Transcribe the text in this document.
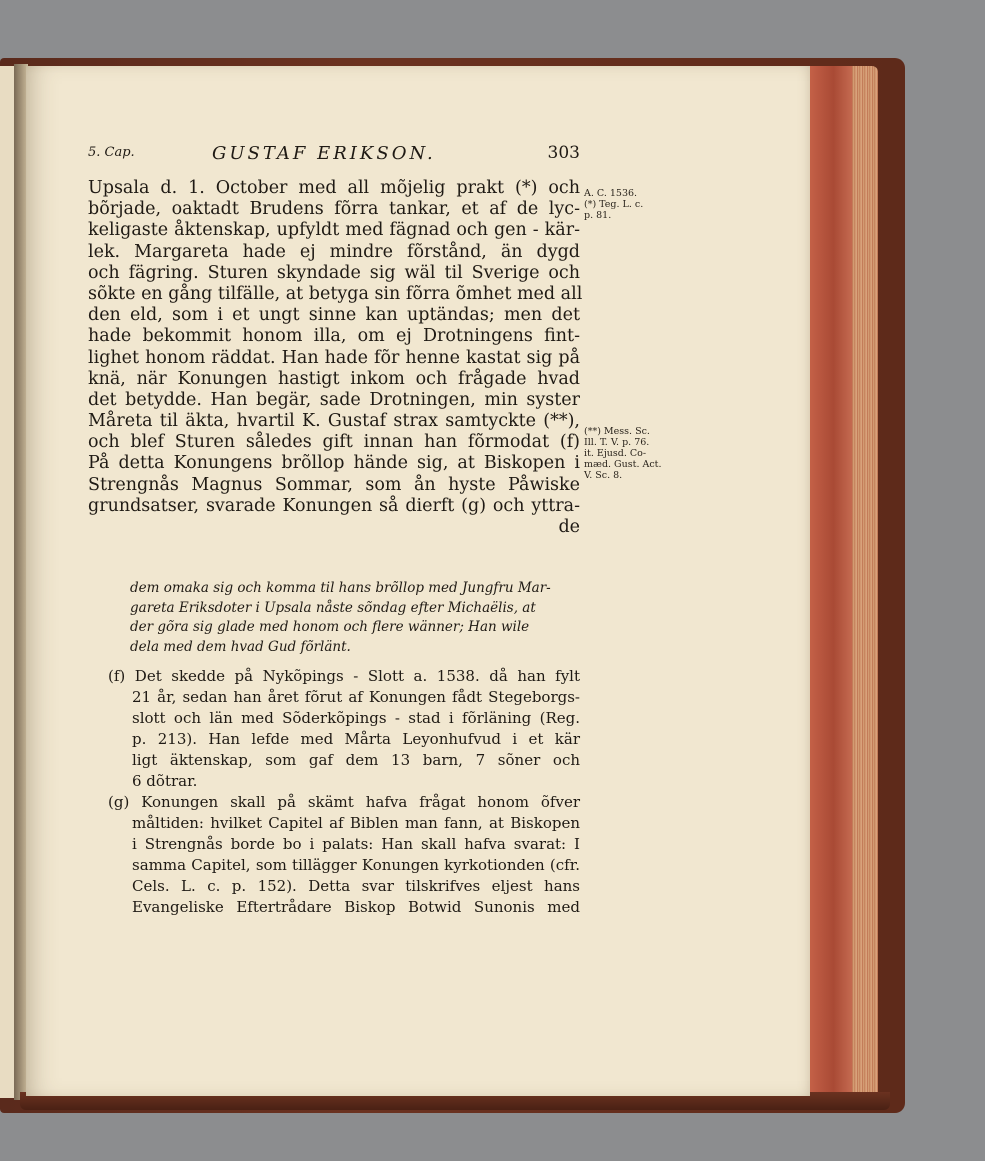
5. Cap.	GUSTAF ERIKSON.	303
Upsala d. 1. October med all mõjelig prakt (*) och
bõrjade, oaktadt Brudens fõrra tankar, et af de lyc-
keligaste åktenskap, upfyldt med fägnad och gen - kär-
lek. Margareta hade ej mindre fõrstånd, än dygd
och fägring. Sturen skyndade sig wäl til Sverige och
sõkte en gång tilfälle, at betyga sin fõrra õmhet med all
den eld, som i et ungt sinne kan uptändas; men det
hade bekommit honom illa, om ej Drotningens fint-
lighet honom räddat. Han hade fõr henne kastat sig på
knä, när Konungen hastigt inkom och frågade hvad
det betydde. Han begär, sade Drotningen, min syster
Måreta til äkta, hvartil K. Gustaf strax samtyckte (**),
och blef Sturen således gift innan han fõrmodat (f)
På detta Konungens brõllop hände sig, at Biskopen i
Strengnås Magnus Sommar, som ån hyste Påwiske
grundsatser, svarade Konungen så dierft (g) och yttra-
de
A. C. 1536.
(*) Teg. L. c.
p. 81.
(**) Mess. Sc.
Ill. T. V. p. 76.
it. Ejusd. Co-
mæd. Gust. Act.
V. Sc. 8.
dem omaka sig och komma til hans brõllop med Jungfru Mar-
gareta Eriksdoter i Upsala nåste sõndag efter Michaëlis, at
der gõra sig glade med honom och flere wänner; Han wile
dela med dem hvad Gud fõrlänt.
(f) Det skedde på Nykõpings - Slott a. 1538. då han fylt
21 år, sedan han året fõrut af Konungen fådt Stegeborgs-
slott och län med Sõderkõpings - stad i fõrläning (Reg.
p. 213). Han lefde med Mårta Leyonhufvud i et kär
ligt äktenskap, som gaf dem 13 barn, 7 sõner och
6 dõtrar.
(g) Konungen skall på skämt hafva frågat honom õfver
måltiden: hvilket Capitel af Biblen man fann, at Biskopen
i Strengnås borde bo i palats: Han skall hafva svarat: I
samma Capitel, som tillägger Konungen kyrkotionden (cfr.
Cels. L. c. p. 152). Detta svar tilskrifves eljest hans
Evangeliske Eftertrådare Biskop Botwid Sunonis med
